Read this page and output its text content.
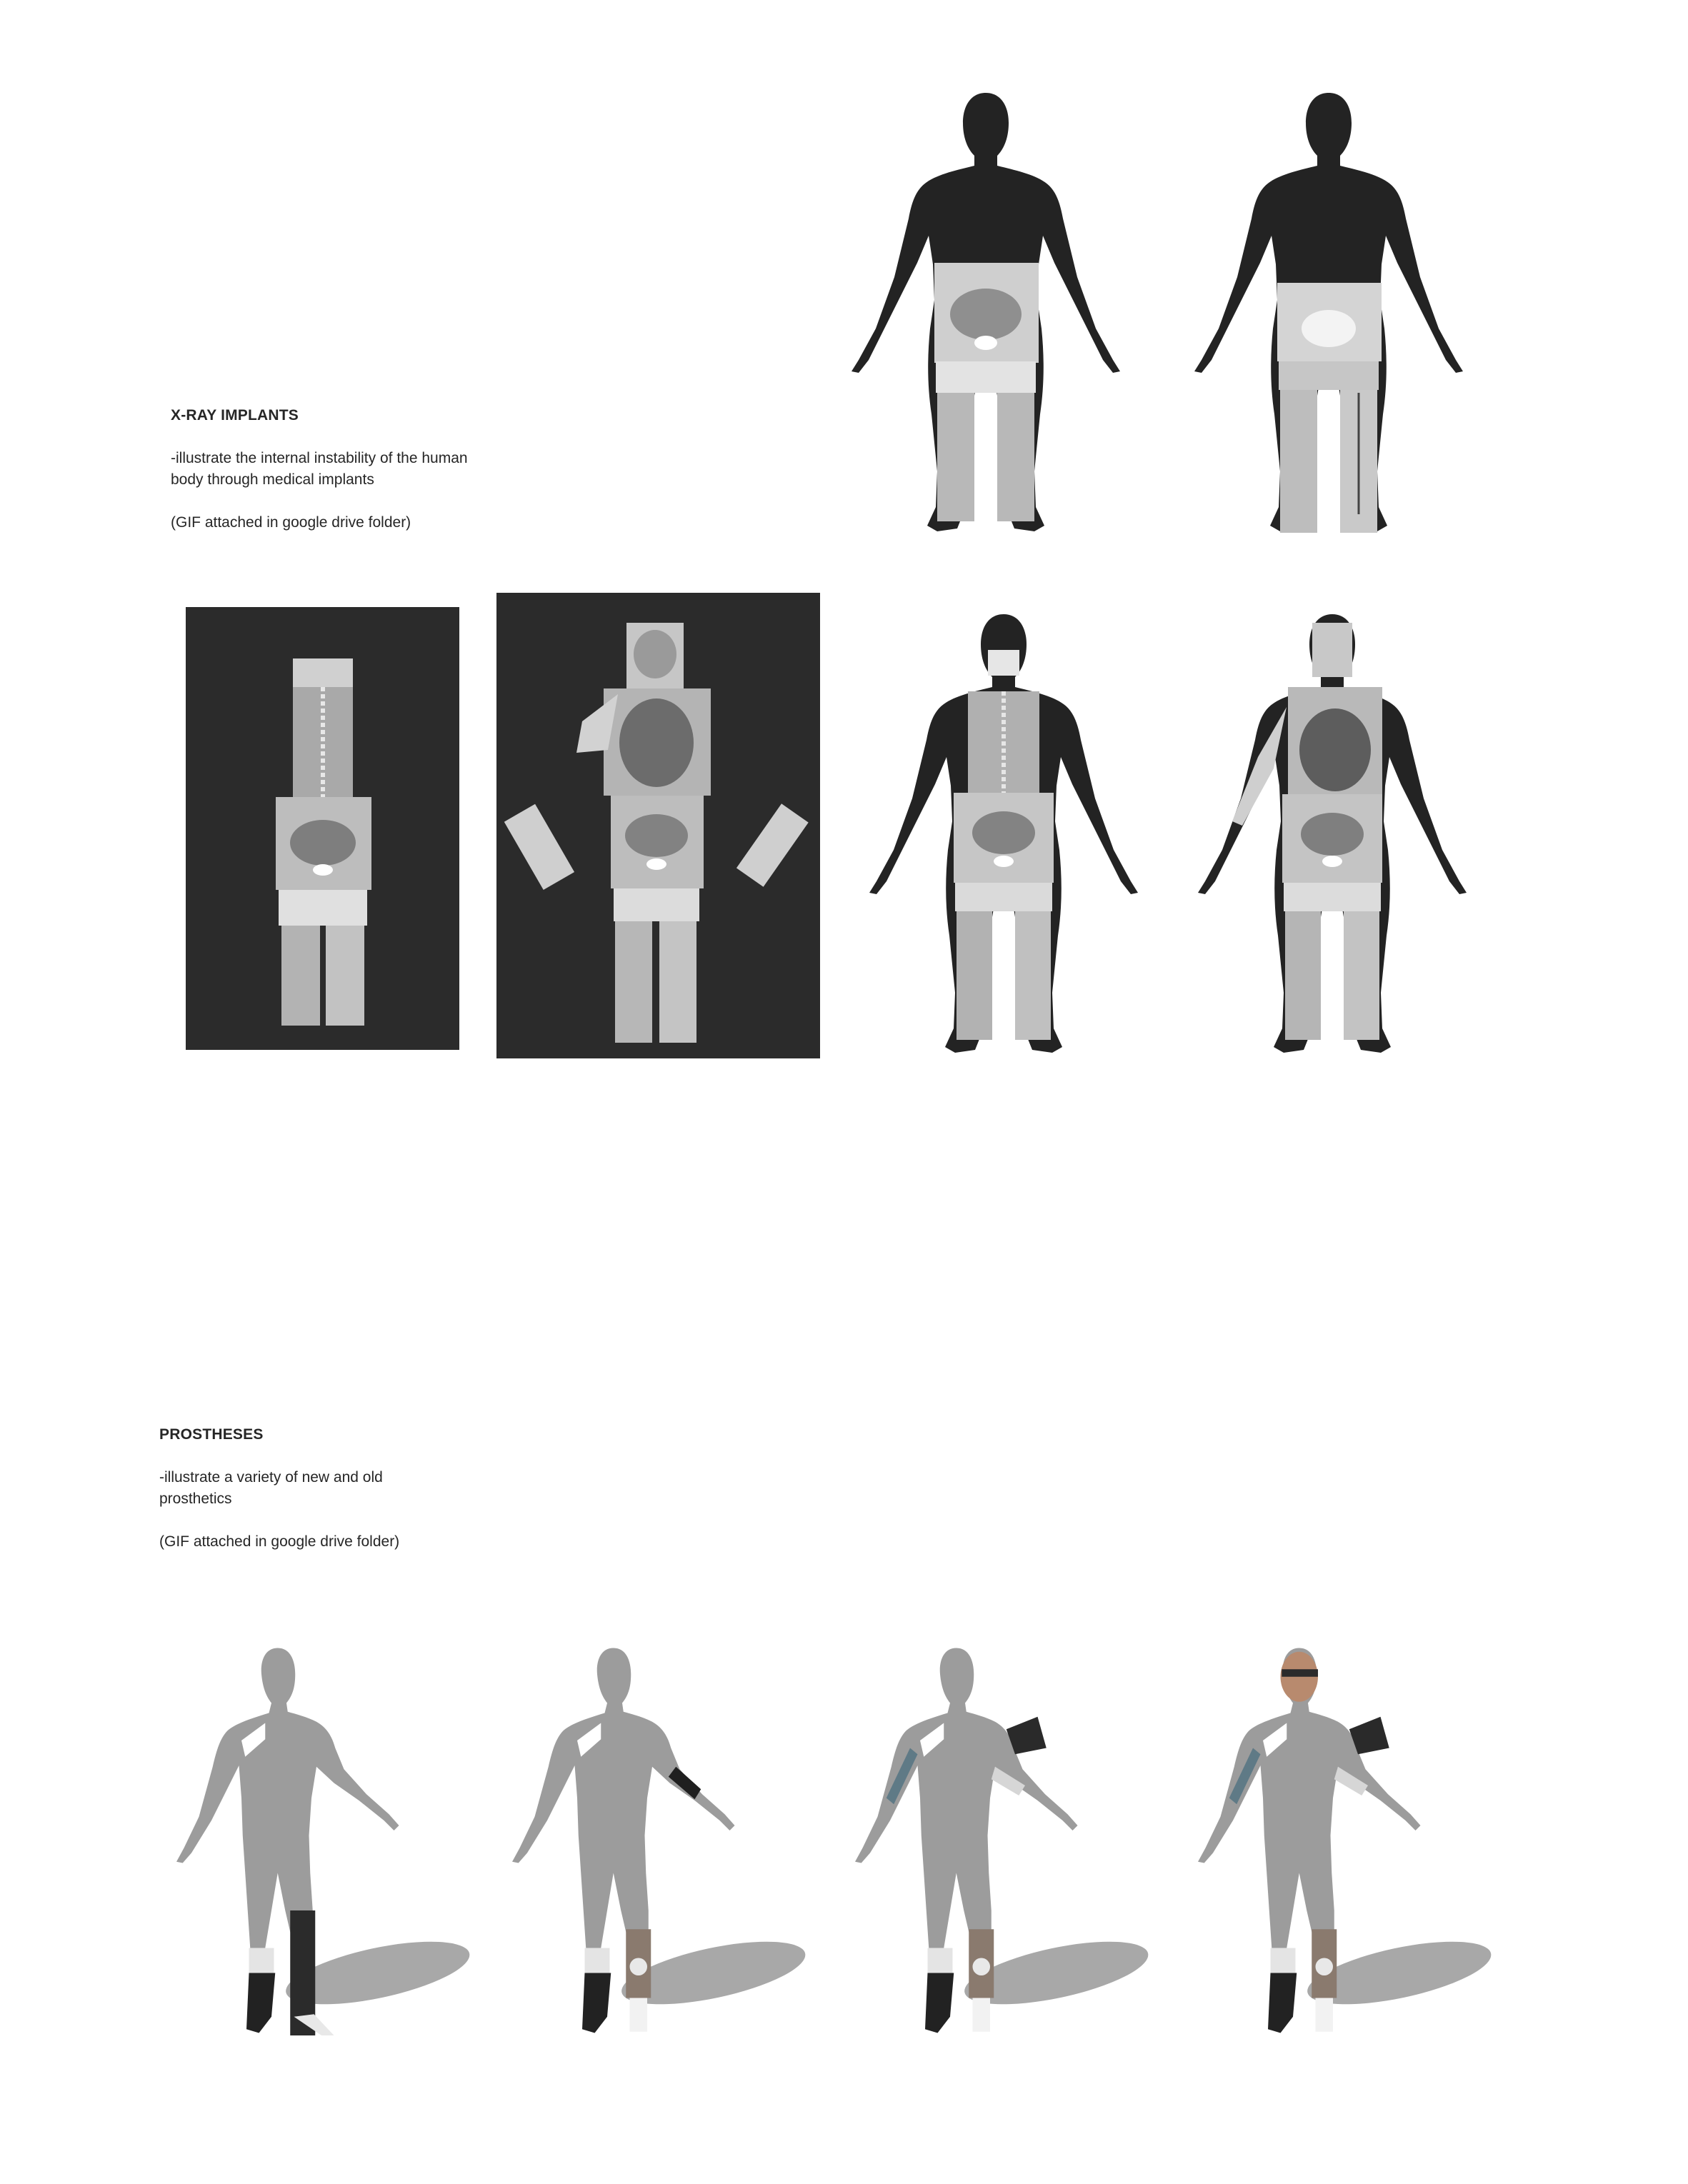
X-RAY IMPLANTS

-illustrate the internal instability of the human
body through medical implants

(GIF attached in google drive folder)

PROSTHESES

-illustrate a variety of new and old
prosthetics

(GIF attached in google drive folder)
